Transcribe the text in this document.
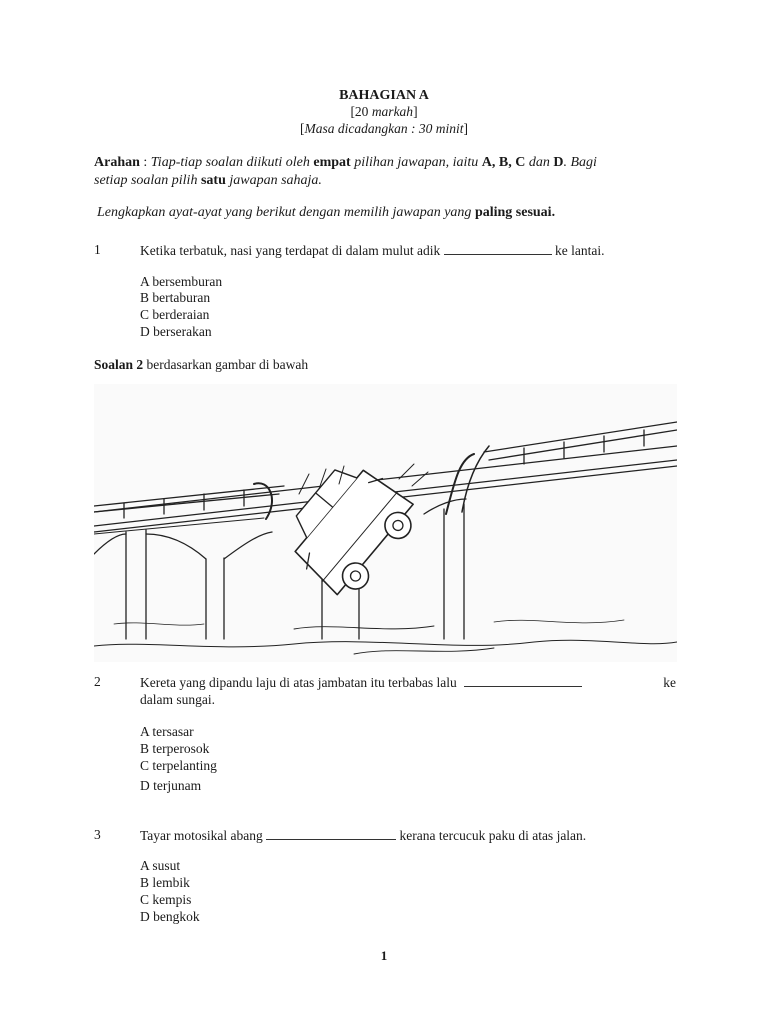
BAHAGIAN A
[20 markah]
[Masa dicadangkan : 30 minit]
Arahan : Tiap-tiap soalan diikuti oleh empat pilihan jawapan, iaitu A, B, C dan D. Bagi
setiap soalan pilih satu jawapan sahaja.
Lengkapkan ayat-ayat yang berikut dengan memilih jawapan yang paling sesuai.
1	Ketika terbatuk, nasi yang terdapat di dalam mulut adik	ke lantai.
A bersemburan
B bertaburan
C berderaian
D berserakan
Soalan 2 berdasarkan gambar di bawah
2	Kereta yang dipandu laju di atas jambatan itu terbabas lalu	ke
dalam sungai.
A tersasar
B terperosok
C terpelanting
D terjunam
3	Tayar motosikal abang	kerana tercucuk paku di atas jalan.
A susut
B lembik
C kempis
D bengkok
1
